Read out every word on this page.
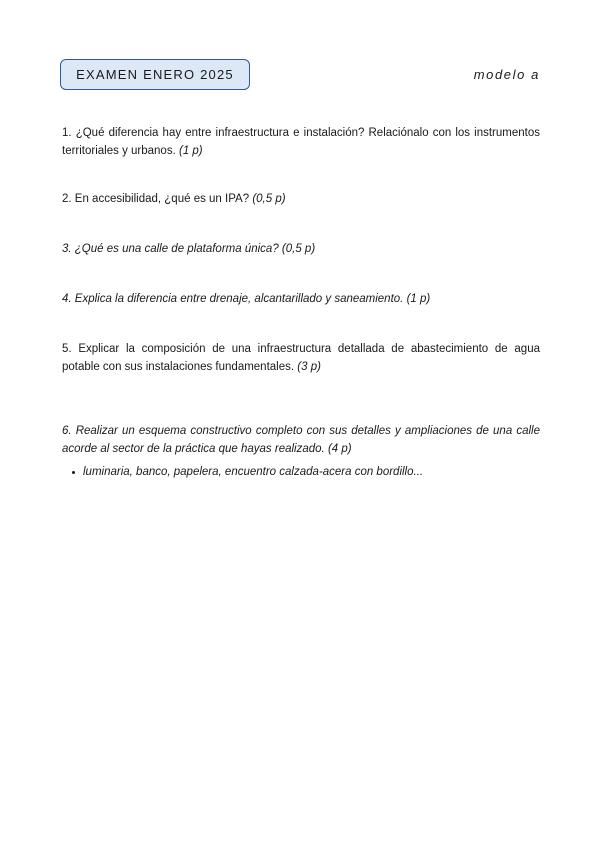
EXAMEN ENERO 2025	modelo a

1. ¿Qué diferencia hay entre infraestructura e instalación? Relaciónalo con los instrumentos territoriales y urbanos. (1 p)

2. En accesibilidad, ¿qué es un IPA? (0,5 p)

3. ¿Qué es una calle de plataforma única? (0,5 p)

4. Explica la diferencia entre drenaje, alcantarillado y saneamiento. (1 p)

5. Explicar la composición de una infraestructura detallada de abastecimiento de agua potable con sus instalaciones fundamentales. (3 p)

6. Realizar un esquema constructivo completo con sus detalles y ampliaciones de una calle acorde al sector de la práctica que hayas realizado. (4 p)

luminaria, banco, papelera, encuentro calzada-acera con bordillo...
